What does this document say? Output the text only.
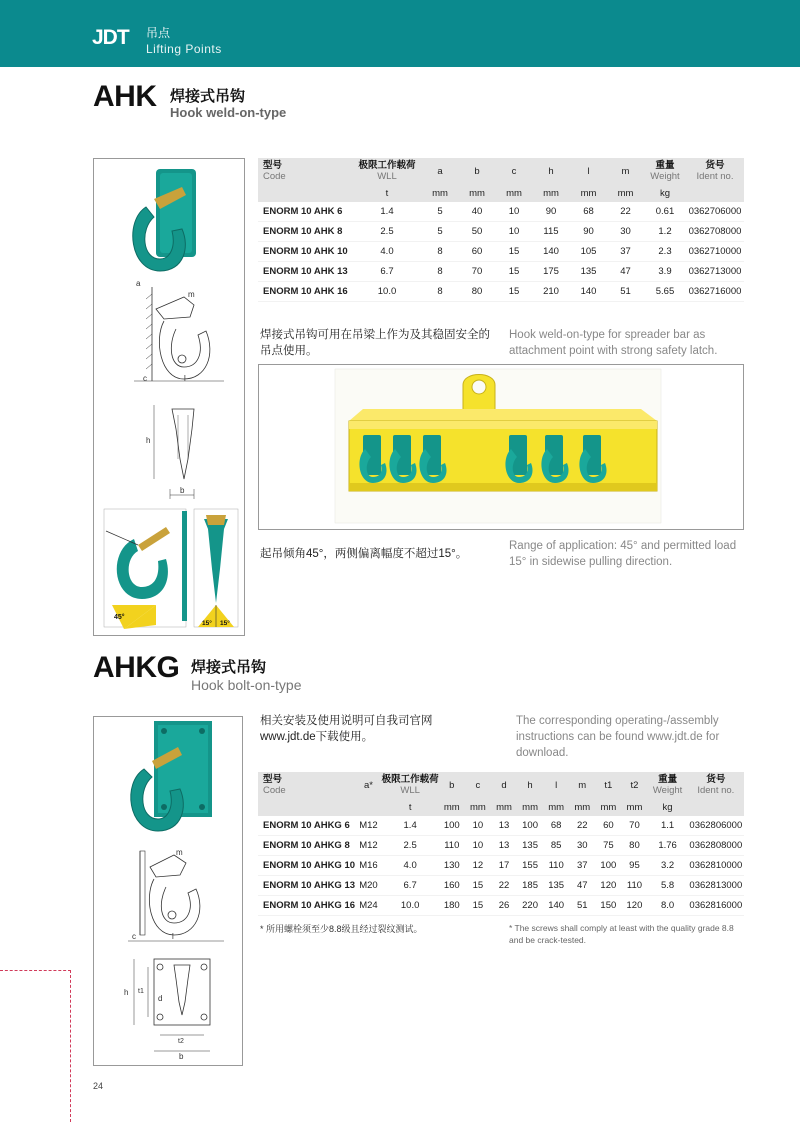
JDT 吊点
Lifting Points
AHK 焊接式吊钩
Hook weld-on-type
a
m
c	l
h
b
45°
15° 15°
型号
Code	极限工作载荷
WLL	a	b	c	h	l	m	重量
Weight	货号
Ident no.
	t	mm	mm	mm	mm	mm	mm	kg	
ENORM 10 AHK 6	1.4	5	40	10	90	68	22	0.61	0362706000
ENORM 10 AHK 8	2.5	5	50	10	115	90	30	1.2	0362708000
ENORM 10 AHK 10	4.0	8	60	15	140	105	37	2.3	0362710000
ENORM 10 AHK 13	6.7	8	70	15	175	135	47	3.9	0362713000
ENORM 10 AHK 16	10.0	8	80	15	210	140	51	5.65	0362716000
焊接式吊钩可用在吊梁上作为及其稳固安全的吊点使用。
Hook weld-on-type for spreader bar as attachment point with strong safety latch.
起吊倾角45°，两侧偏离幅度不超过15°。
Range of application: 45° and permitted load 15° in sidewise pulling direction.
AHKG 焊接式吊钩
Hook bolt-on-type
m
c	l
h t1
d
t2
b
相关安装及使用说明可自我司官网 www.jdt.de下载使用。
The corresponding operating-/assembly instructions can be found www.jdt.de for download.
型号
Code	a*	极限工作载荷
WLL	b	c	d	h	l	m	t1	t2	重量
Weight	货号
Ident no.
		t	mm	mm	mm	mm	mm	mm	mm	mm	kg	
ENORM 10 AHKG 6	M12	1.4	100	10	13	100	68	22	60	70	1.1	0362806000
ENORM 10 AHKG 8	M12	2.5	110	10	13	135	85	30	75	80	1.76	0362808000
ENORM 10 AHKG 10	M16	4.0	130	12	17	155	110	37	100	95	3.2	0362810000
ENORM 10 AHKG 13	M20	6.7	160	15	22	185	135	47	120	110	5.8	0362813000
ENORM 10 AHKG 16	M24	10.0	180	15	26	220	140	51	150	120	8.0	0362816000
* 所用螺栓须至少8.8级且经过裂纹测试。	* The screws shall comply at least with the quality grade 8.8 and be crack-tested.
24
